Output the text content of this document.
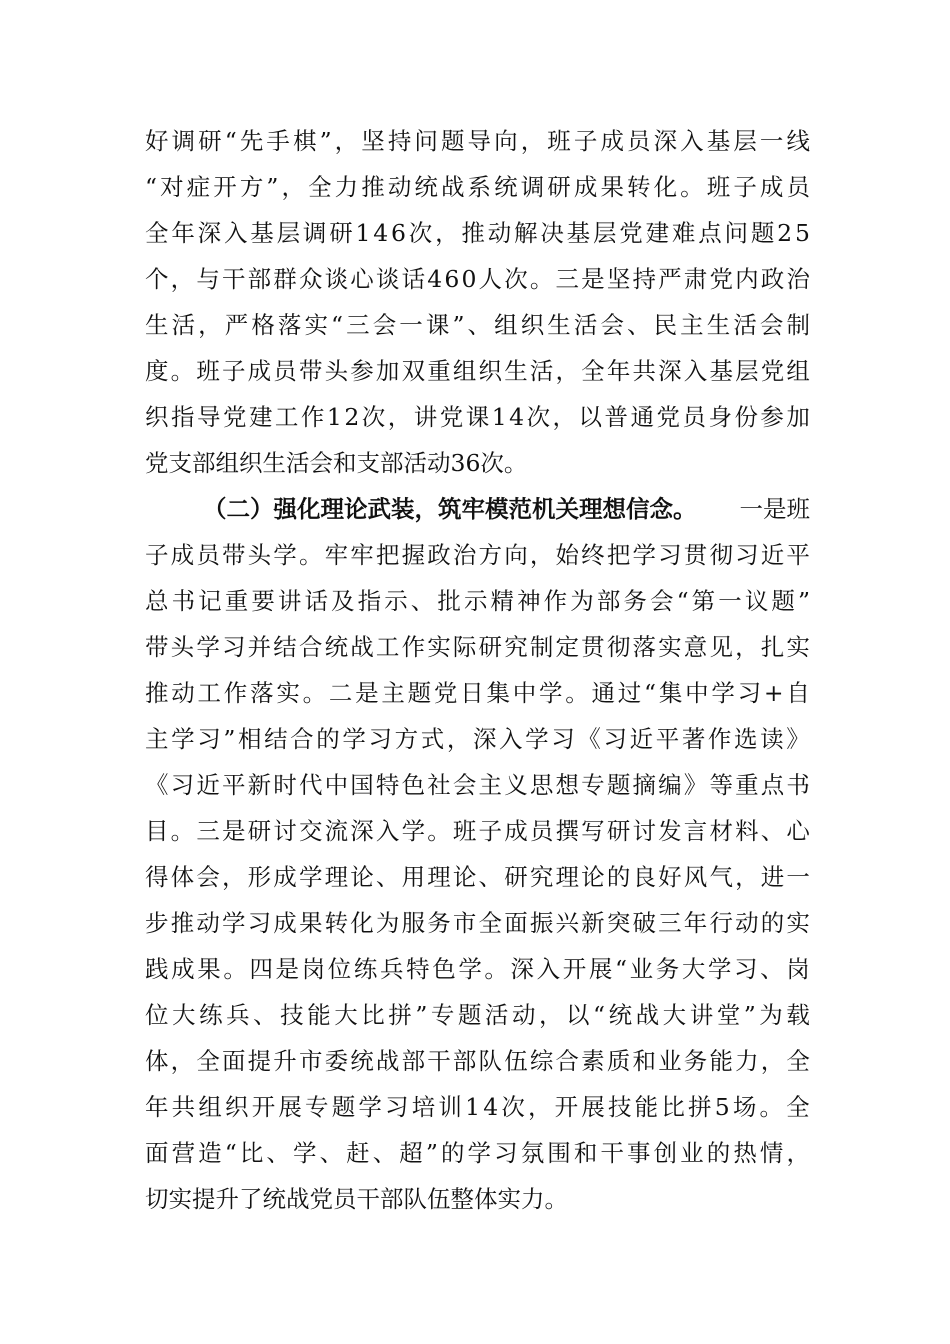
好 调 研 “ 先 手 棋 ” ， 坚 持 问 题 导 向 ， 班 子 成 员 深 入 基 层 一 线
“ 对 症 开 方 ” ， 全 力 推 动 统 战 系 统 调 研 成 果 转 化 。 班 子 成 员
全 年 深 入 基 层 调 研 1 4 6 次 ， 推 动 解 决 基 层 党 建 难 点 问 题 2 5
个 ， 与 干 部 群 众 谈 心 谈 话 4 6 0 人 次 。 三 是 坚 持 严 肃 党 内 政 治
生 活 ， 严 格 落 实 “ 三 会 一 课 ” 、 组 织 生 活 会 、 民 主 生 活 会 制
度 。 班 子 成 员 带 头 参 加 双 重 组 织 生 活 ， 全 年 共 深 入 基 层 党 组
织 指 导 党 建 工 作 1 2 次 ， 讲 党 课 1 4 次 ， 以 普 通 党 员 身 份 参 加
党支部组织生活会和支部活动36次。
（二）强化理论武装，筑牢模范机关理想信念。 一是班
子 成 员 带 头 学 。 牢 牢 把 握 政 治 方 向 ， 始 终 把 学 习 贯 彻 习 近 平
总 书 记 重 要 讲 话 及 指 示 、 批 示 精 神 作 为 部 务 会 “ 第 一 议 题 ”
带 头 学 习 并 结 合 统 战 工 作 实 际 研 究 制 定 贯 彻 落 实 意 见 ， 扎 实
推 动 工 作 落 实 。 二 是 主 题 党 日 集 中 学 。 通 过 “ 集 中 学 习 + 自
主 学 习 ” 相 结 合 的 学 习 方 式 ， 深 入 学 习 《 习 近 平 著 作 选 读 》
《 习 近 平 新 时 代 中 国 特 色 社 会 主 义 思 想 专 题 摘 编 》 等 重 点 书
目 。 三 是 研 讨 交 流 深 入 学 。 班 子 成 员 撰 写 研 讨 发 言 材 料 、 心
得 体 会 ， 形 成 学 理 论 、 用 理 论 、 研 究 理 论 的 良 好 风 气 ， 进 一
步 推 动 学 习 成 果 转 化 为 服 务 市 全 面 振 兴 新 突 破 三 年 行 动 的 实
践 成 果 。 四 是 岗 位 练 兵 特 色 学 。 深 入 开 展 “ 业 务 大 学 习 、 岗
位 大 练 兵 、 技 能 大 比 拼 ” 专 题 活 动 ， 以 “ 统 战 大 讲 堂 ” 为 载
体 ， 全 面 提 升 市 委 统 战 部 干 部 队 伍 综 合 素 质 和 业 务 能 力 ， 全
年 共 组 织 开 展 专 题 学 习 培 训 1 4 次 ， 开 展 技 能 比 拼 5 场 。 全
面 营 造 “ 比 、 学 、 赶 、 超 ” 的 学 习 氛 围 和 干 事 创 业 的 热 情 ，
切实提升了统战党员干部队伍整体实力。
